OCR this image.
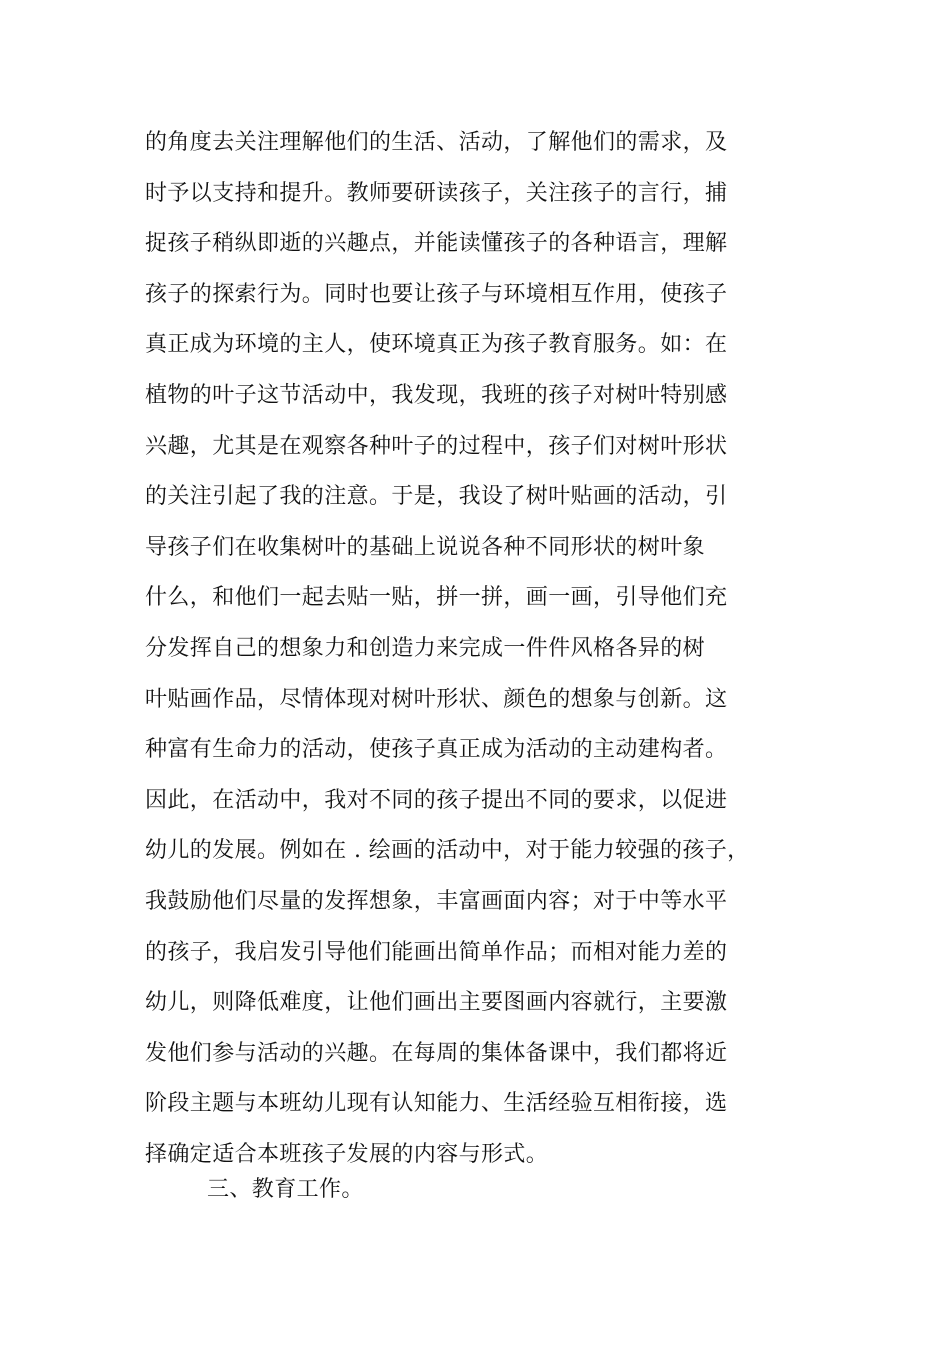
的角度去关注理解他们的生活、活动，了解他们的需求，及
时予以支持和提升。教师要研读孩子，关注孩子的言行，捕
捉孩子稍纵即逝的兴趣点，并能读懂孩子的各种语言，理解
孩子的探索行为。同时也要让孩子与环境相互作用，使孩子
真正成为环境的主人，使环境真正为孩子教育服务。如：在
植物的叶子这节活动中，我发现，我班的孩子对树叶特别感
兴趣，尤其是在观察各种叶子的过程中，孩子们对树叶形状
的关注引起了我的注意。于是，我设了树叶贴画的活动，引
导孩子们在收集树叶的基础上说说各种不同形状的树叶象
什么，和他们一起去贴一贴，拼一拼，画一画，引导他们充
分发挥自己的想象力和创造力来完成一件件风格各异的树
叶贴画作品，尽情体现对树叶形状、颜色的想象与创新。这
种富有生命力的活动，使孩子真正成为活动的主动建构者。
因此，在活动中，我对不同的孩子提出不同的要求，以促进
幼儿的发展。例如在 . 绘画的活动中，对于能力较强的孩子，
我鼓励他们尽量的发挥想象，丰富画面内容；对于中等水平
的孩子，我启发引导他们能画出简单作品；而相对能力差的
幼儿，则降低难度，让他们画出主要图画内容就行，主要激
发他们参与活动的兴趣。在每周的集体备课中，我们都将近
阶段主题与本班幼儿现有认知能力、生活经验互相衔接，选
择确定适合本班孩子发展的内容与形式。
三、教育工作。
